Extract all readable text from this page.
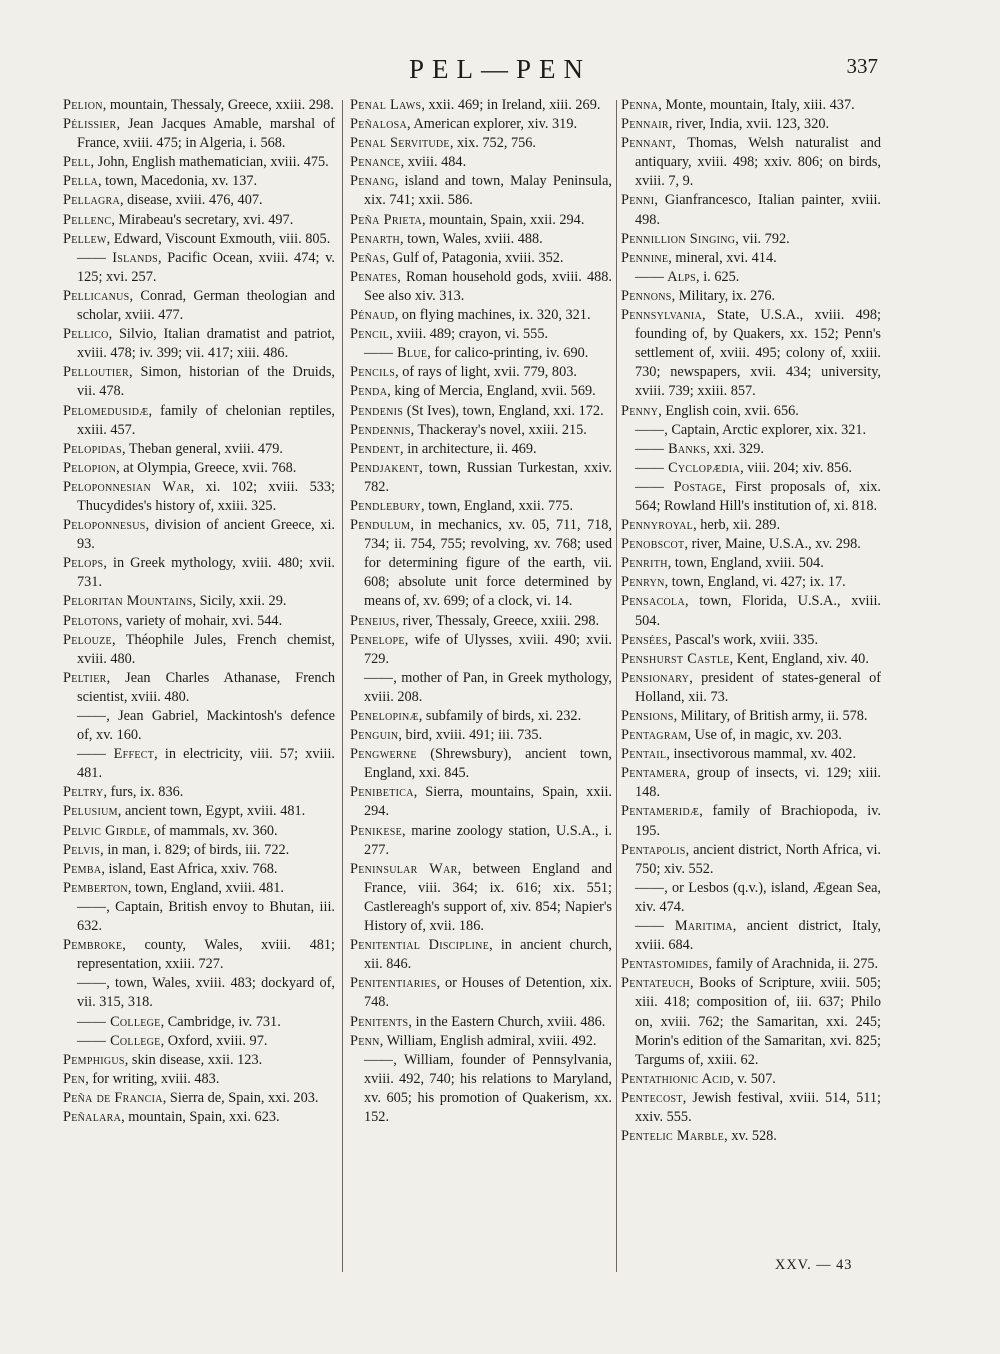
PEL—PEN	337
Pelion, mountain, Thessaly, Greece, xxiii. 298.
Pélissier, Jean Jacques Amable, marshal of France, xviii. 475; in Algeria, i. 568.
Pell, John, English mathematician, xviii. 475.
Pella, town, Macedonia, xv. 137.
Pellagra, disease, xviii. 476, 407.
Pellenc, Mirabeau's secretary, xvi. 497.
Pellew, Edward, Viscount Exmouth, viii. 805.
—— Islands, Pacific Ocean, xviii. 474; v. 125; xvi. 257.
Pellicanus, Conrad, German theologian and scholar, xviii. 477.
Pellico, Silvio, Italian dramatist and patriot, xviii. 478; iv. 399; vii. 417; xiii. 486.
Pelloutier, Simon, historian of the Druids, vii. 478.
Pelomedusidæ, family of chelonian reptiles, xxiii. 457.
Pelopidas, Theban general, xviii. 479.
Pelopion, at Olympia, Greece, xvii. 768.
Peloponnesian War, xi. 102; xviii. 533; Thucydides's history of, xxiii. 325.
Peloponnesus, division of ancient Greece, xi. 93.
Pelops, in Greek mythology, xviii. 480; xvii. 731.
Peloritan Mountains, Sicily, xxii. 29.
Pelotons, variety of mohair, xvi. 544.
Pelouze, Théophile Jules, French chemist, xviii. 480.
Peltier, Jean Charles Athanase, French scientist, xviii. 480.
——, Jean Gabriel, Mackintosh's defence of, xv. 160.
—— Effect, in electricity, viii. 57; xviii. 481.
Peltry, furs, ix. 836.
Pelusium, ancient town, Egypt, xviii. 481.
Pelvic Girdle, of mammals, xv. 360.
Pelvis, in man, i. 829; of birds, iii. 722.
Pemba, island, East Africa, xxiv. 768.
Pemberton, town, England, xviii. 481.
——, Captain, British envoy to Bhutan, iii. 632.
Pembroke, county, Wales, xviii. 481; representation, xxiii. 727.
——, town, Wales, xviii. 483; dockyard of, vii. 315, 318.
—— College, Cambridge, iv. 731.
—— College, Oxford, xviii. 97.
Pemphigus, skin disease, xxii. 123.
Pen, for writing, xviii. 483.
Peña de Francia, Sierra de, Spain, xxi. 203.
Peñalara, mountain, Spain, xxi. 623.
Penal Laws, xxii. 469; in Ireland, xiii. 269.
Peñalosa, American explorer, xiv. 319.
Penal Servitude, xix. 752, 756.
Penance, xviii. 484.
Penang, island and town, Malay Peninsula, xix. 741; xxii. 586.
Peña Prieta, mountain, Spain, xxii. 294.
Penarth, town, Wales, xviii. 488.
Peñas, Gulf of, Patagonia, xviii. 352.
Penates, Roman household gods, xviii. 488. See also xiv. 313.
Pénaud, on flying machines, ix. 320, 321.
Pencil, xviii. 489; crayon, vi. 555.
—— Blue, for calico-printing, iv. 690.
Pencils, of rays of light, xvii. 779, 803.
Penda, king of Mercia, England, xvii. 569.
Pendenis (St Ives), town, England, xxi. 172.
Pendennis, Thackeray's novel, xxiii. 215.
Pendent, in architecture, ii. 469.
Pendjakent, town, Russian Turkestan, xxiv. 782.
Pendlebury, town, England, xxii. 775.
Pendulum, in mechanics, xv. 05, 711, 718, 734; ii. 754, 755; revolving, xv. 768; used for determining figure of the earth, vii. 608; absolute unit force determined by means of, xv. 699; of a clock, vi. 14.
Peneius, river, Thessaly, Greece, xxiii. 298.
Penelope, wife of Ulysses, xviii. 490; xvii. 729.
——, mother of Pan, in Greek mythology, xviii. 208.
Penelopinæ, subfamily of birds, xi. 232.
Penguin, bird, xviii. 491; iii. 735.
Pengwerne (Shrewsbury), ancient town, England, xxi. 845.
Penibetica, Sierra, mountains, Spain, xxii. 294.
Penikese, marine zoology station, U.S.A., i. 277.
Peninsular War, between England and France, viii. 364; ix. 616; xix. 551; Castlereagh's support of, xiv. 854; Napier's History of, xvii. 186.
Penitential Discipline, in ancient church, xii. 846.
Penitentiaries, or Houses of Detention, xix. 748.
Penitents, in the Eastern Church, xviii. 486.
Penn, William, English admiral, xviii. 492.
——, William, founder of Pennsylvania, xviii. 492, 740; his relations to Maryland, xv. 605; his promotion of Quakerism, xx. 152.
Penna, Monte, mountain, Italy, xiii. 437.
Pennair, river, India, xvii. 123, 320.
Pennant, Thomas, Welsh naturalist and antiquary, xviii. 498; xxiv. 806; on birds, xviii. 7, 9.
Penni, Gianfrancesco, Italian painter, xviii. 498.
Pennillion Singing, vii. 792.
Pennine, mineral, xvi. 414.
—— Alps, i. 625.
Pennons, Military, ix. 276.
Pennsylvania, State, U.S.A., xviii. 498; founding of, by Quakers, xx. 152; Penn's settlement of, xviii. 495; colony of, xxiii. 730; newspapers, xvii. 434; university, xviii. 739; xxiii. 857.
Penny, English coin, xvii. 656.
——, Captain, Arctic explorer, xix. 321.
—— Banks, xxi. 329.
—— Cyclopædia, viii. 204; xiv. 856.
—— Postage, First proposals of, xix. 564; Rowland Hill's institution of, xi. 818.
Pennyroyal, herb, xii. 289.
Penobscot, river, Maine, U.S.A., xv. 298.
Penrith, town, England, xviii. 504.
Penryn, town, England, vi. 427; ix. 17.
Pensacola, town, Florida, U.S.A., xviii. 504.
Pensées, Pascal's work, xviii. 335.
Penshurst Castle, Kent, England, xiv. 40.
Pensionary, president of states-general of Holland, xii. 73.
Pensions, Military, of British army, ii. 578.
Pentagram, Use of, in magic, xv. 203.
Pentail, insectivorous mammal, xv. 402.
Pentamera, group of insects, vi. 129; xiii. 148.
Pentameridæ, family of Brachiopoda, iv. 195.
Pentapolis, ancient district, North Africa, vi. 750; xiv. 552.
——, or Lesbos (q.v.), island, Ægean Sea, xiv. 474.
—— Maritima, ancient district, Italy, xviii. 684.
Pentastomides, family of Arachnida, ii. 275.
Pentateuch, Books of Scripture, xviii. 505; xiii. 418; composition of, iii. 637; Philo on, xviii. 762; the Samaritan, xxi. 245; Morin's edition of the Samaritan, xvi. 825; Targums of, xxiii. 62.
Pentathionic Acid, v. 507.
Pentecost, Jewish festival, xviii. 514, 511; xxiv. 555.
Pentelic Marble, xv. 528.
XXV. — 43
